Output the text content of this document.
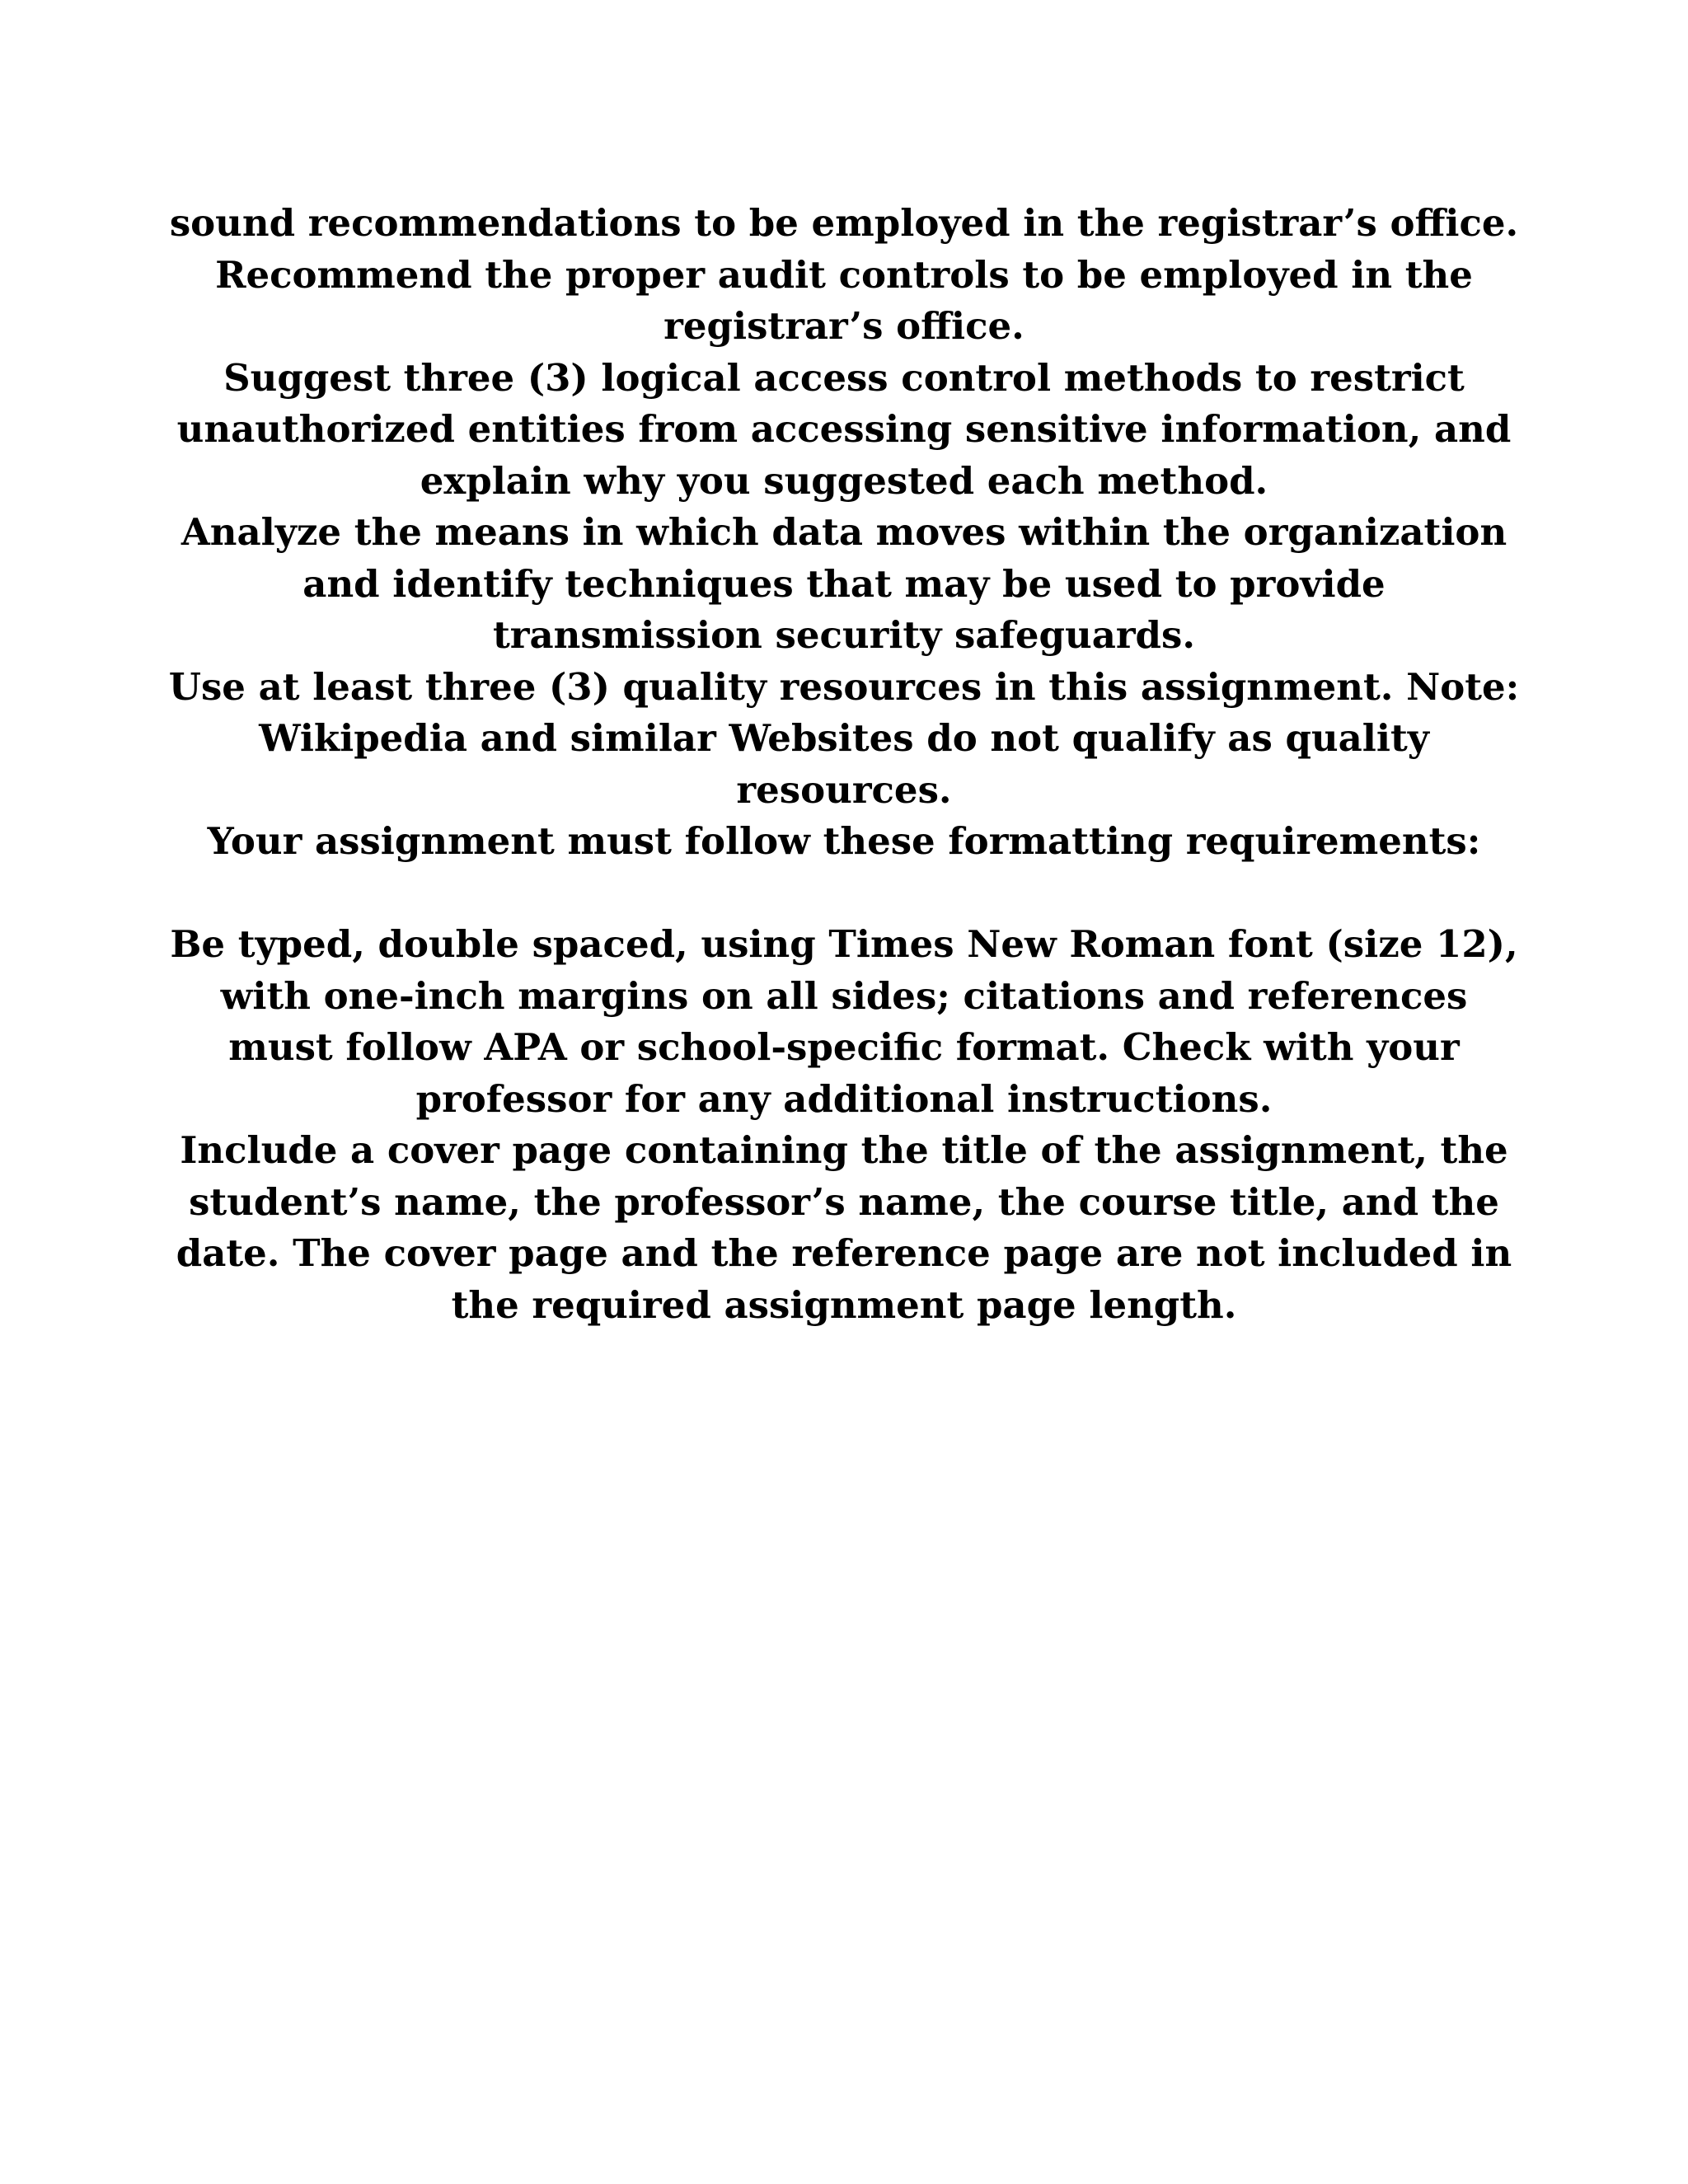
sound recommendations to be employed in the registrar’s office.

Recommend the proper audit controls to be employed in the registrar’s office.

Suggest three (3) logical access control methods to restrict unauthorized entities from accessing sensitive information, and explain why you suggested each method.

Analyze the means in which data moves within the organization and identify techniques that may be used to provide transmission security safeguards.

Use at least three (3) quality resources in this assignment. Note: Wikipedia and similar Websites do not qualify as quality resources.

Your assignment must follow these formatting requirements:

Be typed, double spaced, using Times New Roman font (size 12), with one-inch margins on all sides; citations and references must follow APA or school-specific format. Check with your professor for any additional instructions.

Include a cover page containing the title of the assignment, the student’s name, the professor’s name, the course title, and the date. The cover page and the reference page are not included in the required assignment page length.
